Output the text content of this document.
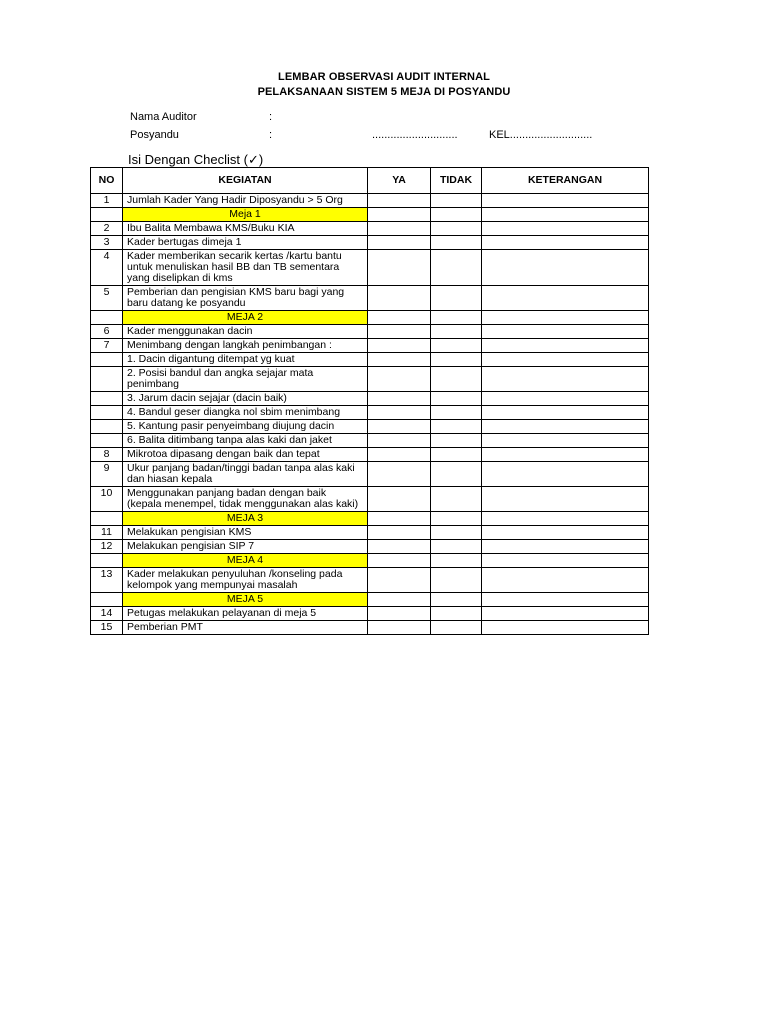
LEMBAR OBSERVASI AUDIT INTERNAL
PELAKSANAAN SISTEM 5 MEJA DI POSYANDU
Nama Auditor	:
Posyandu	:	............................	KEL...........................
Isi Dengan Checlist (✓)
NO	KEGIATAN	YA	TIDAK	KETERANGAN
1	Jumlah Kader Yang Hadir Diposyandu > 5 Org			
	Meja 1			
2	Ibu Balita Membawa KMS/Buku KIA			
3	Kader bertugas dimeja 1			
4	Kader memberikan secarik kertas /kartu bantu untuk menuliskan hasil BB dan TB sementara yang diselipkan di kms			
5	Pemberian dan pengisian KMS baru bagi yang baru datang ke posyandu			
	MEJA 2			
6	Kader menggunakan dacin			
7	Menimbang dengan langkah penimbangan :			
	1. Dacin digantung ditempat yg kuat			
	2. Posisi bandul dan angka sejajar mata penimbang			
	3. Jarum dacin sejajar (dacin baik)			
	4. Bandul geser diangka nol sbim menimbang			
	5. Kantung pasir penyeimbang diujung dacin			
	6. Balita ditimbang tanpa alas kaki dan jaket			
8	Mikrotoa dipasang dengan baik dan tepat			
9	Ukur panjang badan/tinggi badan tanpa alas kaki dan hiasan kepala			
10	Menggunakan panjang badan dengan baik (kepala menempel, tidak menggunakan alas kaki)			
	MEJA 3			
11	Melakukan pengisian KMS			
12	Melakukan pengisian SIP 7			
	MEJA 4			
13	Kader melakukan penyuluhan /konseling pada kelompok yang mempunyai masalah			
	MEJA 5			
14	Petugas melakukan pelayanan di meja 5			
15	Pemberian PMT			
